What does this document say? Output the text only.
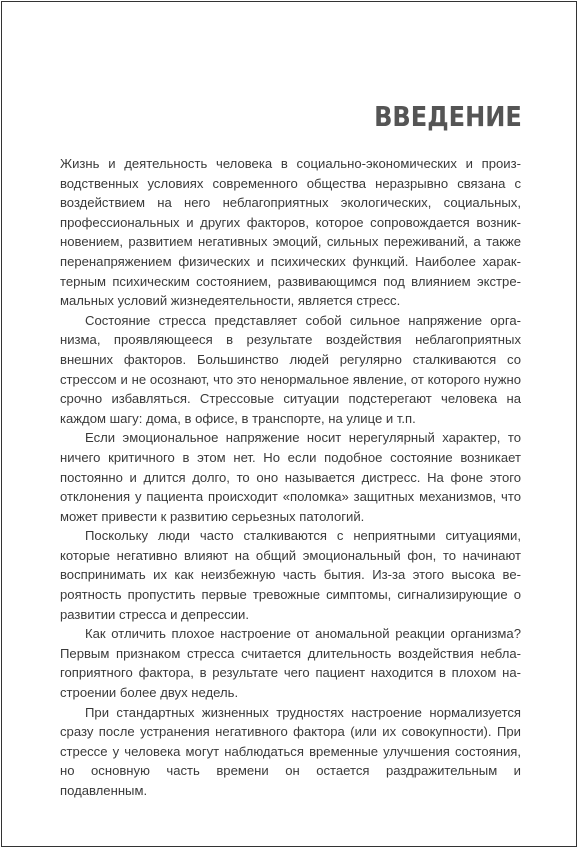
ВВЕДЕНИЕ

Жизнь и деятельность человека в социально-экономических и производственных условиях современного общества неразрывно связана с воздействием на него неблагоприятных экологических, социальных, профессиональных и других факторов, которое сопровождается возникновением, развитием негативных эмоций, сильных переживаний, а также перенапряжением физических и психических функций. Наиболее характерным психическим состоянием, развивающимся под влиянием экстремальных условий жизнедеятельности, является стресс.

Состояние стресса представляет собой сильное напряжение организма, проявляющееся в результате воздействия неблагоприятных внешних факторов. Большинство людей регулярно сталкиваются со стрессом и не осознают, что это ненормальное явление, от которого нужно срочно избавляться. Стрессовые ситуации подстерегают человека на каждом шагу: дома, в офисе, в транспорте, на улице и т.п.

Если эмоциональное напряжение носит нерегулярный характер, то ничего критичного в этом нет. Но если подобное состояние возникает постоянно и длится долго, то оно называется дистресс. На фоне этого отклонения у пациента происходит «поломка» защитных механизмов, что может привести к развитию серьезных патологий.

Поскольку люди часто сталкиваются с неприятными ситуациями, которые негативно влияют на общий эмоциональный фон, то начинают воспринимать их как неизбежную часть бытия. Из-за этого высока вероятность пропустить первые тревожные симптомы, сигнализирующие о развитии стресса и депрессии.

Как отличить плохое настроение от аномальной реакции организма? Первым признаком стресса считается длительность воздействия неблагоприятного фактора, в результате чего пациент находится в плохом настроении более двух недель.

При стандартных жизненных трудностях настроение нормализуется сразу после устранения негативного фактора (или их совокупности). При стрессе у человека могут наблюдаться временные улучшения состояния, но основную часть времени он остается раздражительным и подавленным.
